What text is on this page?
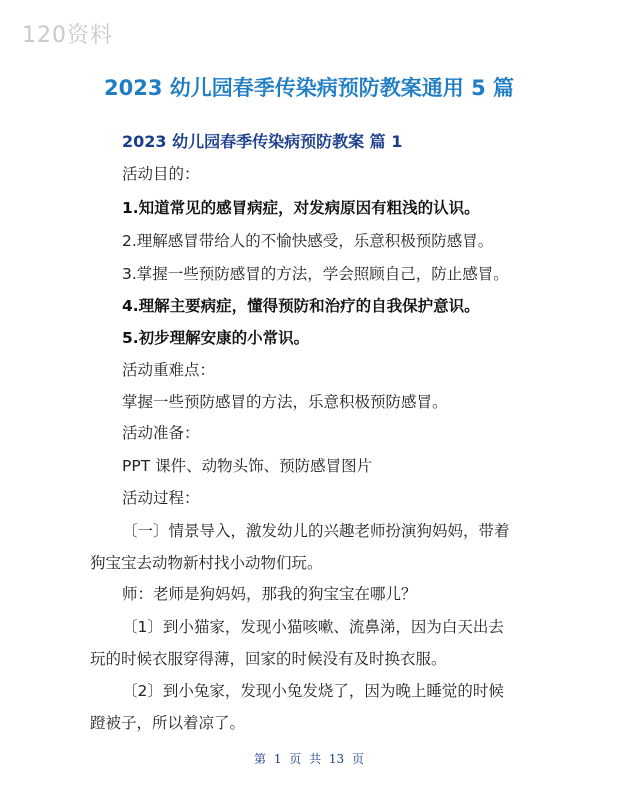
120资料
2023 幼儿园春季传染病预防教案通用 5 篇
2023 幼儿园春季传染病预防教案 篇 1
活动目的：
1.知道常见的感冒病症，对发病原因有粗浅的认识。
2.理解感冒带给人的不愉快感受，乐意积极预防感冒。
3.掌握一些预防感冒的方法，学会照顾自己，防止感冒。
4.理解主要病症，懂得预防和治疗的自我保护意识。
5.初步理解安康的小常识。
活动重难点：
掌握一些预防感冒的方法，乐意积极预防感冒。
活动准备：
PPT 课件、动物头饰、预防感冒图片
活动过程：
〔一〕情景导入，激发幼儿的兴趣老师扮演狗妈妈，带着
狗宝宝去动物新村找小动物们玩。
师：老师是狗妈妈，那我的狗宝宝在哪儿？
〔1〕到小猫家，发现小猫咳嗽、流鼻涕，因为白天出去
玩的时候衣服穿得薄，回家的时候没有及时换衣服。
〔2〕到小兔家，发现小兔发烧了，因为晚上睡觉的时候
蹬被子，所以着凉了。
第 1 页 共 13 页
